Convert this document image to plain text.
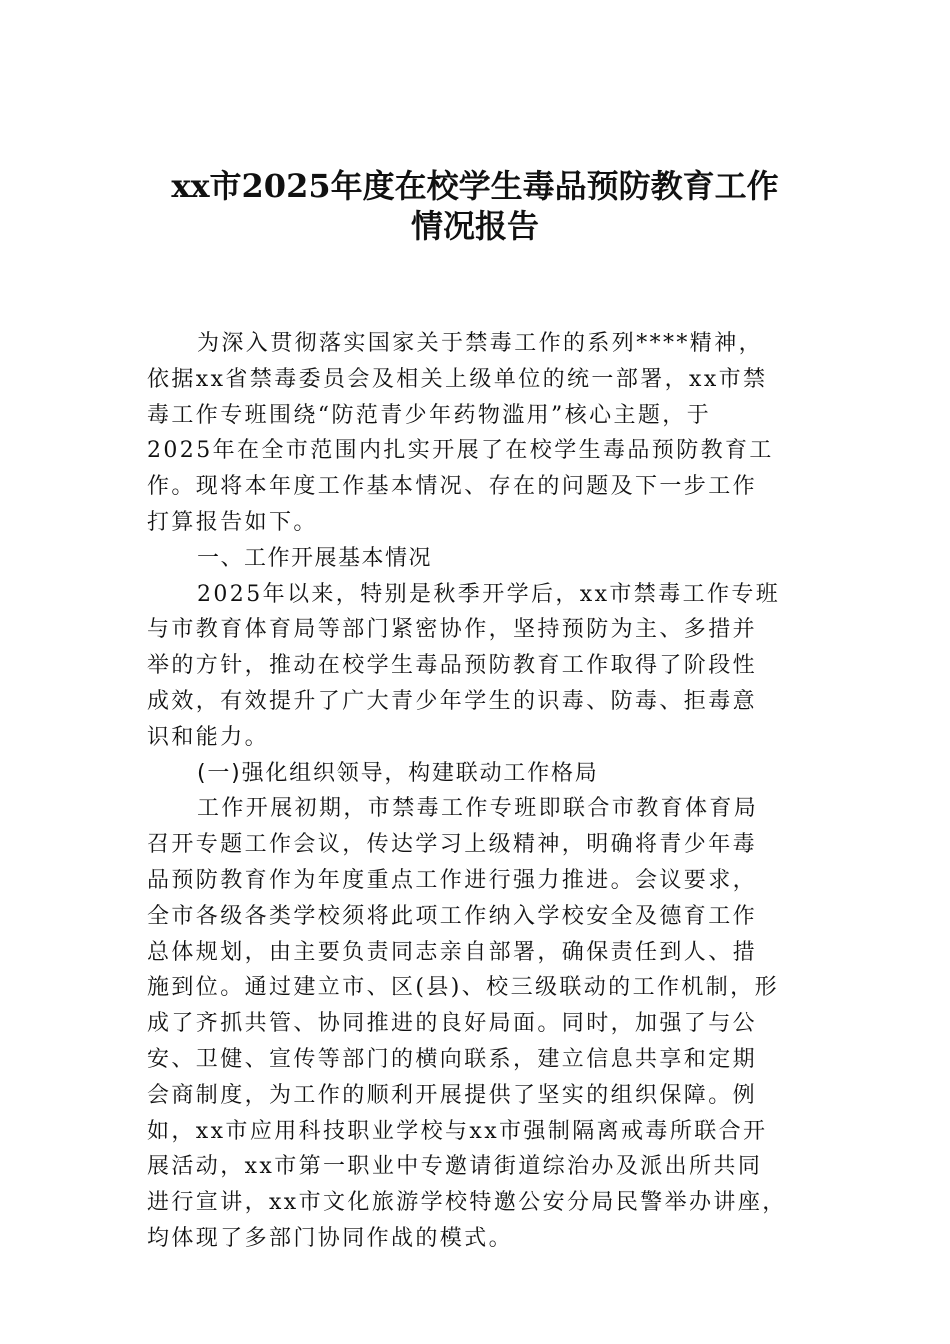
xx市2025年度在校学生毒品预防教育工作
情况报告
为深入贯彻落实国家关于禁毒工作的系列****精神，
依据xx省禁毒委员会及相关上级单位的统一部署，xx市禁
毒工作专班围绕“防范青少年药物滥用”核心主题，于
2025年在全市范围内扎实开展了在校学生毒品预防教育工
作。现将本年度工作基本情况、存在的问题及下一步工作
打算报告如下。
一、工作开展基本情况
2025年以来，特别是秋季开学后，xx市禁毒工作专班
与市教育体育局等部门紧密协作，坚持预防为主、多措并
举的方针，推动在校学生毒品预防教育工作取得了阶段性
成效，有效提升了广大青少年学生的识毒、防毒、拒毒意
识和能力。
(一)强化组织领导，构建联动工作格局
工作开展初期，市禁毒工作专班即联合市教育体育局
召开专题工作会议，传达学习上级精神，明确将青少年毒
品预防教育作为年度重点工作进行强力推进。会议要求，
全市各级各类学校须将此项工作纳入学校安全及德育工作
总体规划，由主要负责同志亲自部署，确保责任到人、措
施到位。通过建立市、区(县)、校三级联动的工作机制，形
成了齐抓共管、协同推进的良好局面。同时，加强了与公
安、卫健、宣传等部门的横向联系，建立信息共享和定期
会商制度，为工作的顺利开展提供了坚实的组织保障。例
如，xx市应用科技职业学校与xx市强制隔离戒毒所联合开
展活动，xx市第一职业中专邀请街道综治办及派出所共同
进行宣讲，xx市文化旅游学校特邀公安分局民警举办讲座，
均体现了多部门协同作战的模式。
